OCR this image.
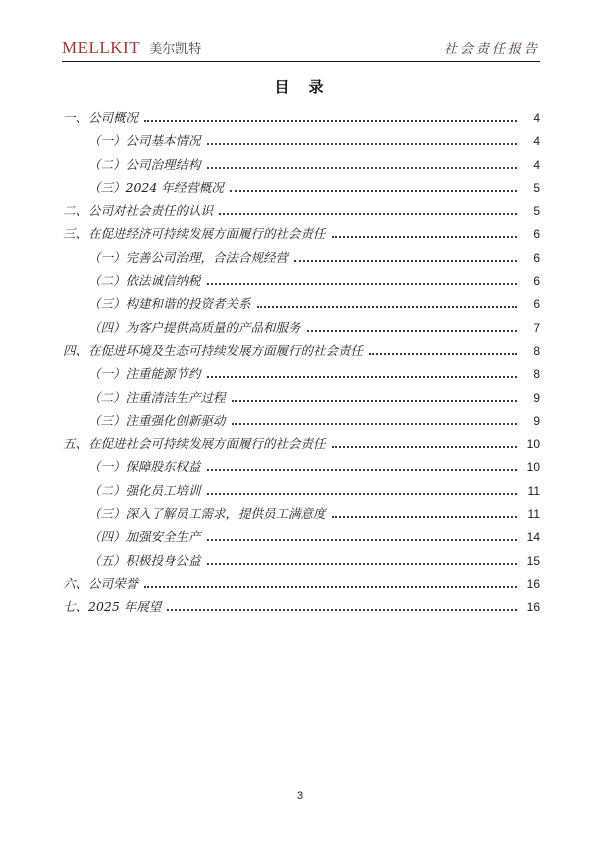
MELLKIT 美尔凯特	社会责任报告
目　录
一、公司概况	4
（一）公司基本情况	4
（二）公司治理结构	4
（三）2024 年经营概况	5
二、公司对社会责任的认识	5
三、在促进经济可持续发展方面履行的社会责任	6
（一）完善公司治理，合法合规经营	6
（二）依法诚信纳税	6
（三）构建和谐的投资者关系	6
（四）为客户提供高质量的产品和服务	7
四、在促进环境及生态可持续发展方面履行的社会责任	8
（一）注重能源节约	8
（二）注重清洁生产过程	9
（三）注重强化创新驱动	9
五、在促进社会可持续发展方面履行的社会责任	10
（一）保障股东权益	10
（二）强化员工培训	11
（三）深入了解员工需求，提供员工满意度	11
（四）加强安全生产	14
（五）积极投身公益	15
六、公司荣誉	16
七、2025 年展望	16
3
